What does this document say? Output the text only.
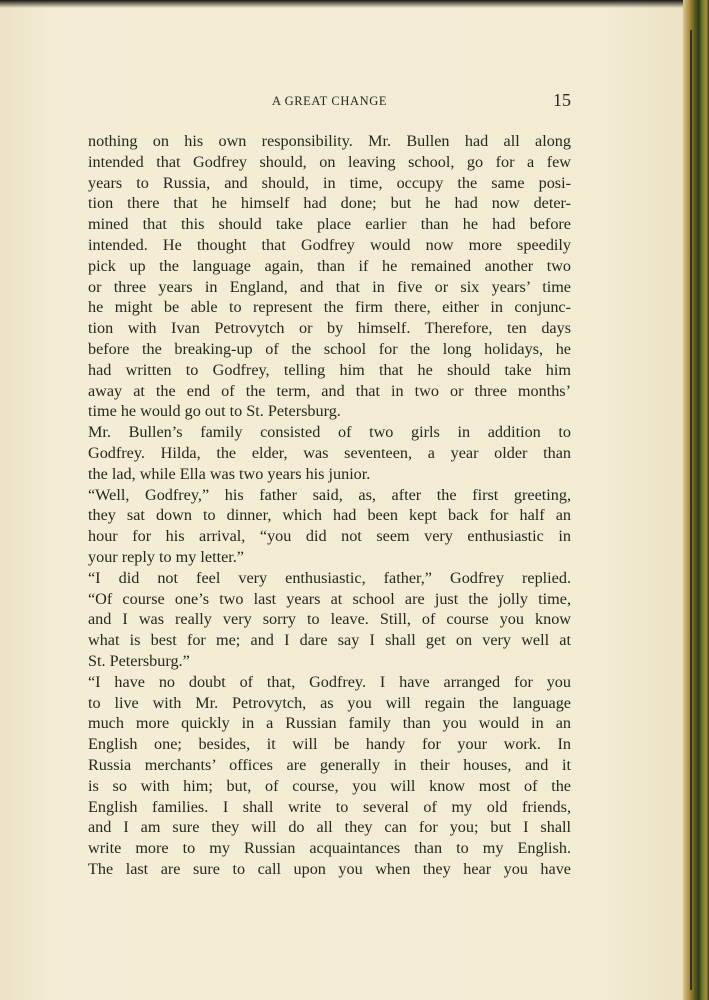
A GREAT CHANGE	15
nothing on his own responsibility. Mr. Bullen had all along
intended that Godfrey should, on leaving school, go for a few
years to Russia, and should, in time, occupy the same posi-
tion there that he himself had done; but he had now deter-
mined that this should take place earlier than he had before
intended. He thought that Godfrey would now more speedily
pick up the language again, than if he remained another two
or three years in England, and that in five or six years’ time
he might be able to represent the firm there, either in conjunc-
tion with Ivan Petrovytch or by himself. Therefore, ten days
before the breaking-up of the school for the long holidays, he
had written to Godfrey, telling him that he should take him
away at the end of the term, and that in two or three months’
time he would go out to St. Petersburg.
Mr. Bullen’s family consisted of two girls in addition to
Godfrey. Hilda, the elder, was seventeen, a year older than
the lad, while Ella was two years his junior.
“Well, Godfrey,” his father said, as, after the first greeting,
they sat down to dinner, which had been kept back for half an
hour for his arrival, “you did not seem very enthusiastic in
your reply to my letter.”
“I did not feel very enthusiastic, father,” Godfrey replied.
“Of course one’s two last years at school are just the jolly time,
and I was really very sorry to leave. Still, of course you know
what is best for me; and I dare say I shall get on very well at
St. Petersburg.”
“I have no doubt of that, Godfrey. I have arranged for you
to live with Mr. Petrovytch, as you will regain the language
much more quickly in a Russian family than you would in an
English one; besides, it will be handy for your work. In
Russia merchants’ offices are generally in their houses, and it
is so with him; but, of course, you will know most of the
English families. I shall write to several of my old friends,
and I am sure they will do all they can for you; but I shall
write more to my Russian acquaintances than to my English.
The last are sure to call upon you when they hear you have
